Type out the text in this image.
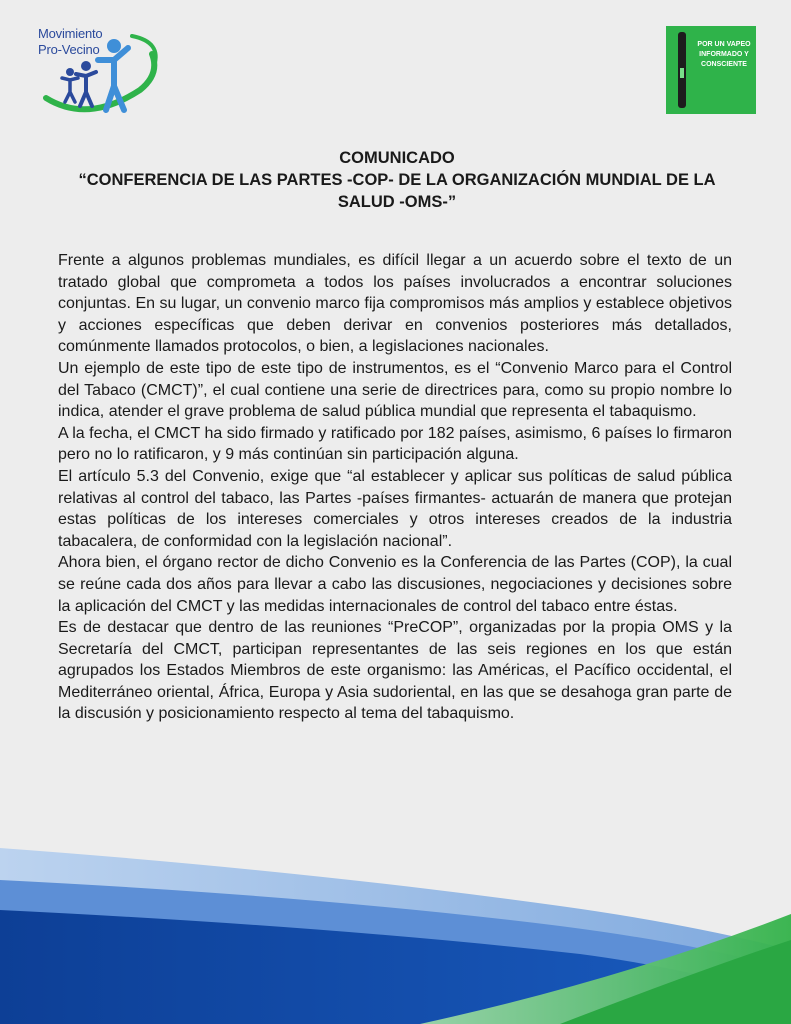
Movimiento
Pro-Vecino	POR UN VAPEO INFORMADO Y CONSCIENTE
COMUNICADO
“CONFERENCIA DE LAS PARTES -COP- DE LA ORGANIZACIÓN MUNDIAL DE LA SALUD -OMS-”

Frente a algunos problemas mundiales, es difícil llegar a un acuerdo sobre el texto de un tratado global que comprometa a todos los países involucrados a encontrar soluciones conjuntas. En su lugar, un convenio marco fija compromisos más amplios y establece objetivos y acciones específicas que deben derivar en convenios posteriores más detallados, comúnmente llamados protocolos, o bien, a legislaciones nacionales.

Un ejemplo de este tipo de este tipo de instrumentos, es el “Convenio Marco para el Control del Tabaco (CMCT)”, el cual contiene una serie de directrices para, como su propio nombre lo indica, atender el grave problema de salud pública mundial que representa el tabaquismo.

A la fecha, el CMCT ha sido firmado y ratificado por 182 países, asimismo, 6 países lo firmaron pero no lo ratificaron, y 9 más continúan sin participación alguna.

El artículo 5.3 del Convenio, exige que “al establecer y aplicar sus políticas de salud pública relativas al control del tabaco, las Partes -países firmantes- actuarán de manera que protejan estas políticas de los intereses comerciales y otros intereses creados de la industria tabacalera, de conformidad con la legislación nacional”.

Ahora bien, el órgano rector de dicho Convenio es la Conferencia de las Partes (COP), la cual se reúne cada dos años para llevar a cabo las discusiones, negociaciones y decisiones sobre la aplicación del CMCT y las medidas internacionales de control del tabaco entre éstas.

Es de destacar que dentro de las reuniones “PreCOP”, organizadas por la propia OMS y la Secretaría del CMCT, participan representantes de las seis regiones en los que están agrupados los Estados Miembros de este organismo: las Américas, el Pacífico occidental, el Mediterráneo oriental, África, Europa y Asia sudoriental, en las que se desahoga gran parte de la discusión y posicionamiento respecto al tema del tabaquismo.
